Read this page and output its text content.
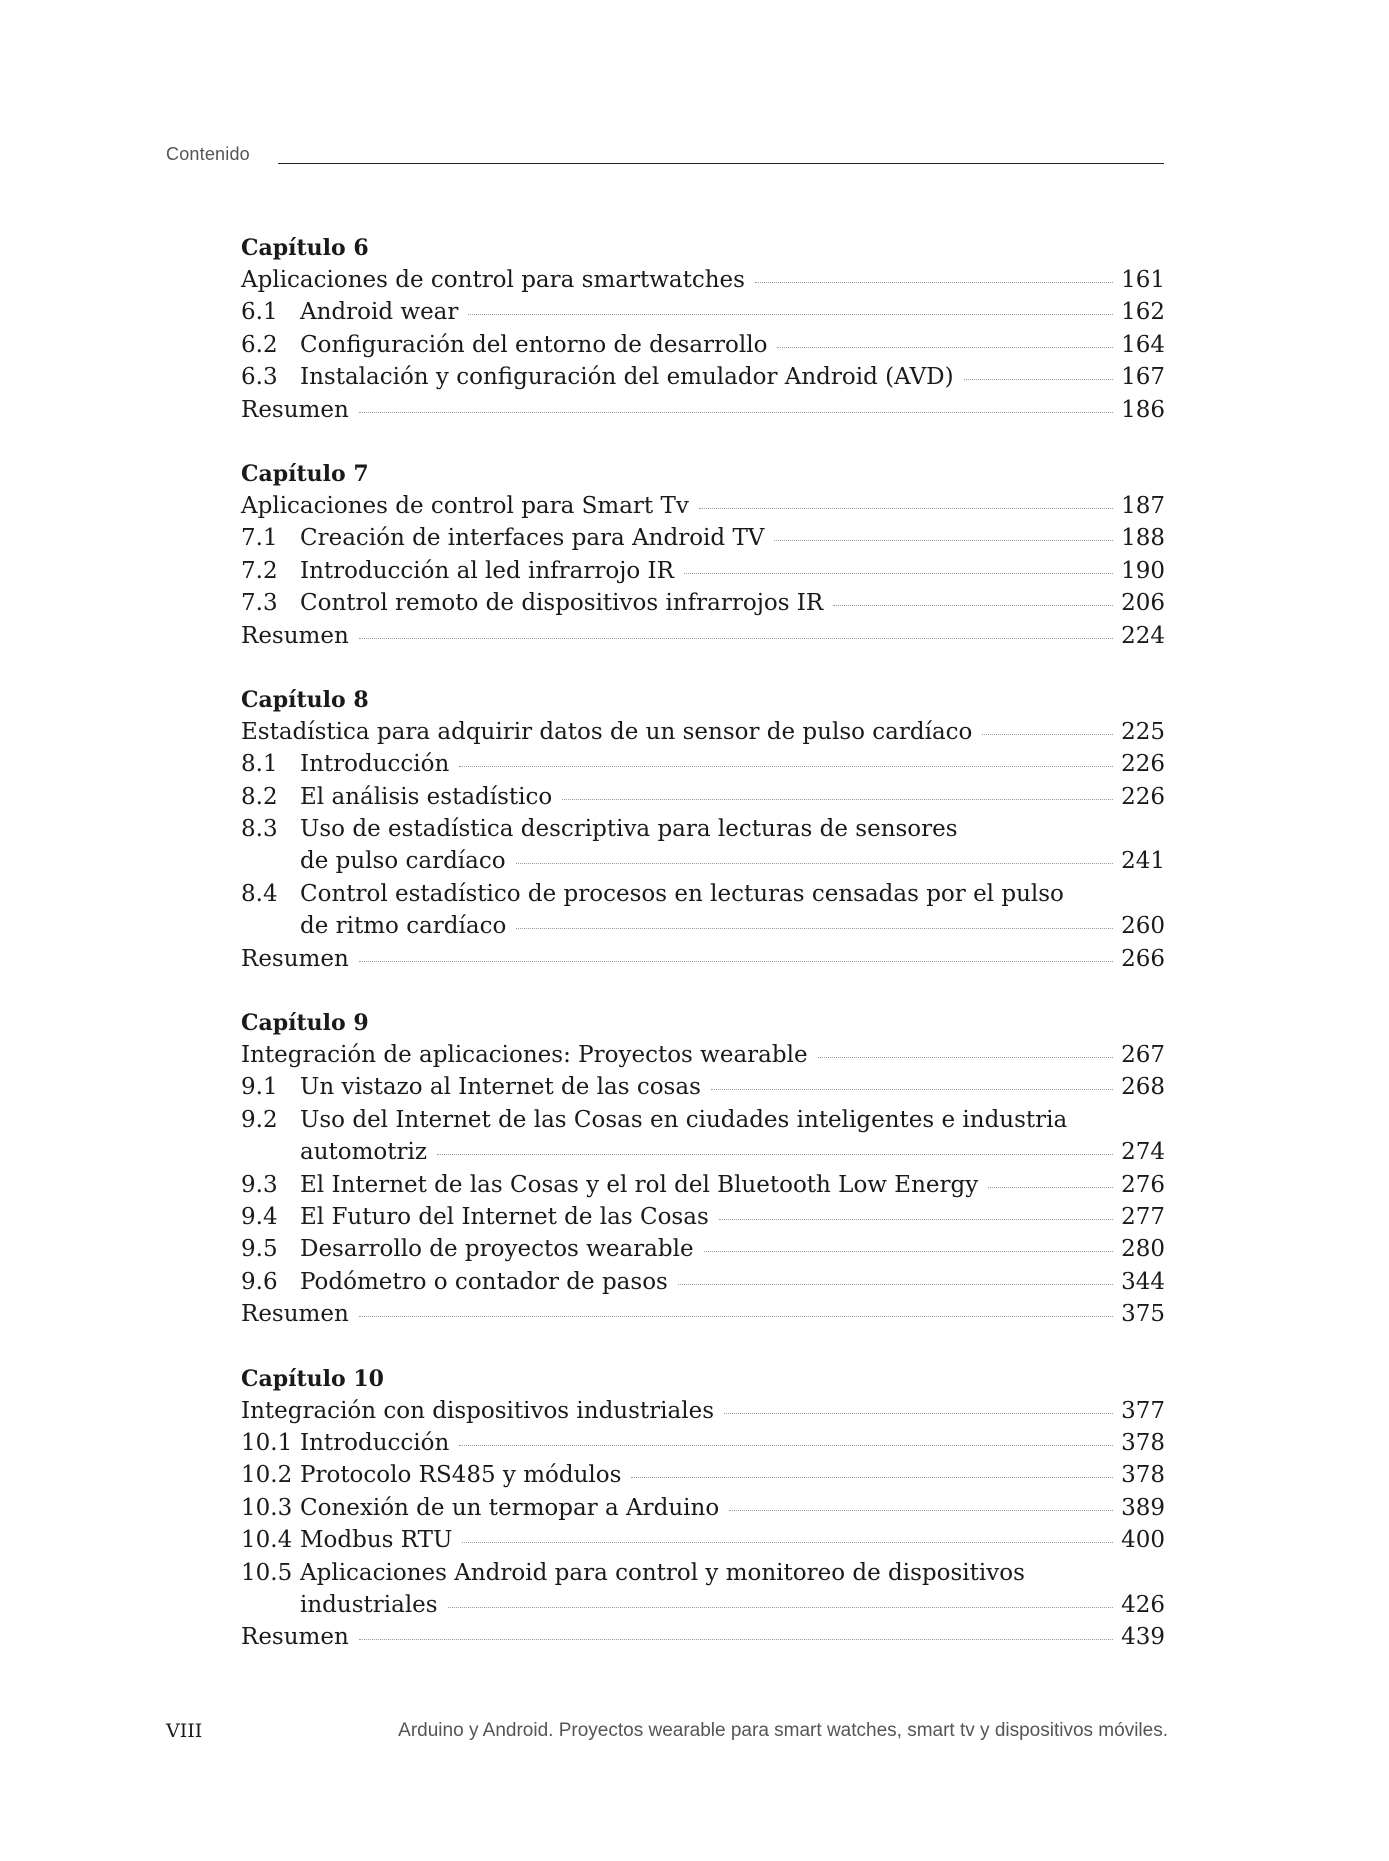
Contenido
Capítulo 6
Aplicaciones de control para smartwatches	161
6.1 Android wear	162
6.2 Configuración del entorno de desarrollo	164
6.3 Instalación y configuración del emulador Android (AVD)	167
Resumen	186
Capítulo 7
Aplicaciones de control para Smart Tv	187
7.1 Creación de interfaces para Android TV	188
7.2 Introducción al led infrarrojo IR	190
7.3 Control remoto de dispositivos infrarrojos IR	206
Resumen	224
Capítulo 8
Estadística para adquirir datos de un sensor de pulso cardíaco	225
8.1 Introducción	226
8.2 El análisis estadístico	226
8.3 Uso de estadística descriptiva para lecturas de sensores
de pulso cardíaco	241
8.4 Control estadístico de procesos en lecturas censadas por el pulso
de ritmo cardíaco	260
Resumen	266
Capítulo 9
Integración de aplicaciones: Proyectos wearable	267
9.1 Un vistazo al Internet de las cosas	268
9.2 Uso del Internet de las Cosas en ciudades inteligentes e industria
automotriz	274
9.3 El Internet de las Cosas y el rol del Bluetooth Low Energy	276
9.4 El Futuro del Internet de las Cosas	277
9.5 Desarrollo de proyectos wearable	280
9.6 Podómetro o contador de pasos	344
Resumen	375
Capítulo 10
Integración con dispositivos industriales	377
10.1 Introducción	378
10.2 Protocolo RS485 y módulos	378
10.3 Conexión de un termopar a Arduino	389
10.4 Modbus RTU	400
10.5 Aplicaciones Android para control y monitoreo de dispositivos
industriales	426
Resumen	439
VIII	Arduino y Android. Proyectos wearable para smart watches, smart tv y dispositivos móviles.
